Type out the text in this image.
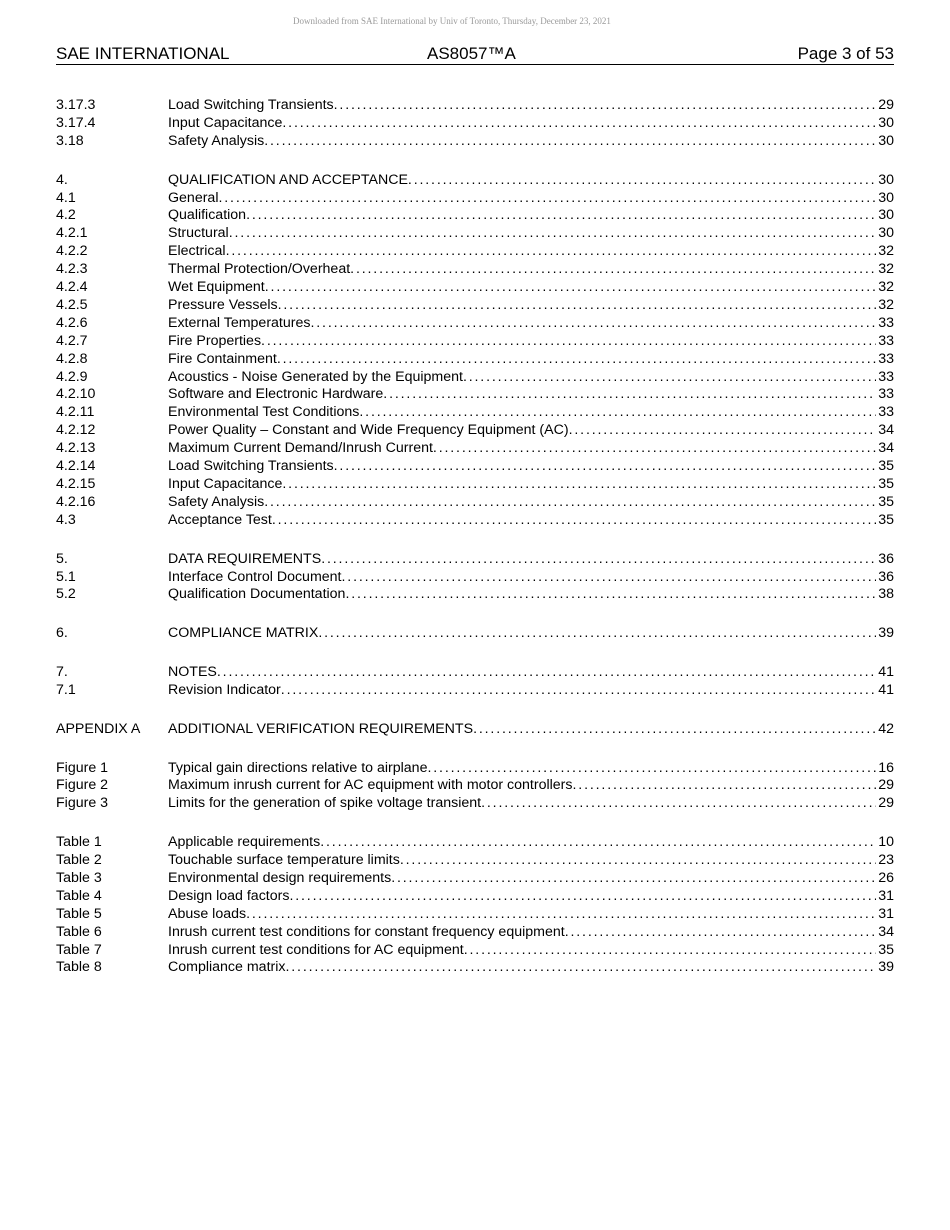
Downloaded from SAE International by Univ of Toronto, Thursday, December 23, 2021
SAE INTERNATIONAL	AS8057™A	Page 3 of 53
3.17.3	Load Switching Transients . . .	29
3.17.4	Input Capacitance . . .	30
3.18	Safety Analysis . . .	30
4.	QUALIFICATION AND ACCEPTANCE . . .	30
4.1	General . . .	30
4.2	Qualification . . .	30
4.2.1	Structural . . .	30
4.2.2	Electrical . . .	32
4.2.3	Thermal Protection/Overheat . . .	32
4.2.4	Wet Equipment . . .	32
4.2.5	Pressure Vessels . . .	32
4.2.6	External Temperatures . . .	33
4.2.7	Fire Properties . . .	33
4.2.8	Fire Containment . . .	33
4.2.9	Acoustics - Noise Generated by the Equipment . . .	33
4.2.10	Software and Electronic Hardware . . .	33
4.2.11	Environmental Test Conditions . . .	33
4.2.12	Power Quality – Constant and Wide Frequency Equipment (AC) . . .	34
4.2.13	Maximum Current Demand/Inrush Current . . .	34
4.2.14	Load Switching Transients . . .	35
4.2.15	Input Capacitance . . .	35
4.2.16	Safety Analysis . . .	35
4.3	Acceptance Test . . .	35
5.	DATA REQUIREMENTS . . .	36
5.1	Interface Control Document . . .	36
5.2	Qualification Documentation . . .	38
6.	COMPLIANCE MATRIX . . .	39
7.	NOTES . . .	41
7.1	Revision Indicator . . .	41
APPENDIX A ADDITIONAL VERIFICATION REQUIREMENTS . . .	42
Figure 1	Typical gain directions relative to airplane . . .	16
Figure 2	Maximum inrush current for AC equipment with motor controllers . . .	29
Figure 3	Limits for the generation of spike voltage transient . . .	29
Table 1	Applicable requirements . . .	10
Table 2	Touchable surface temperature limits . . .	23
Table 3	Environmental design requirements . . .	26
Table 4	Design load factors . . .	31
Table 5	Abuse loads . . .	31
Table 6	Inrush current test conditions for constant frequency equipment . . .	34
Table 7	Inrush current test conditions for AC equipment . . .	35
Table 8	Compliance matrix . . .	39
